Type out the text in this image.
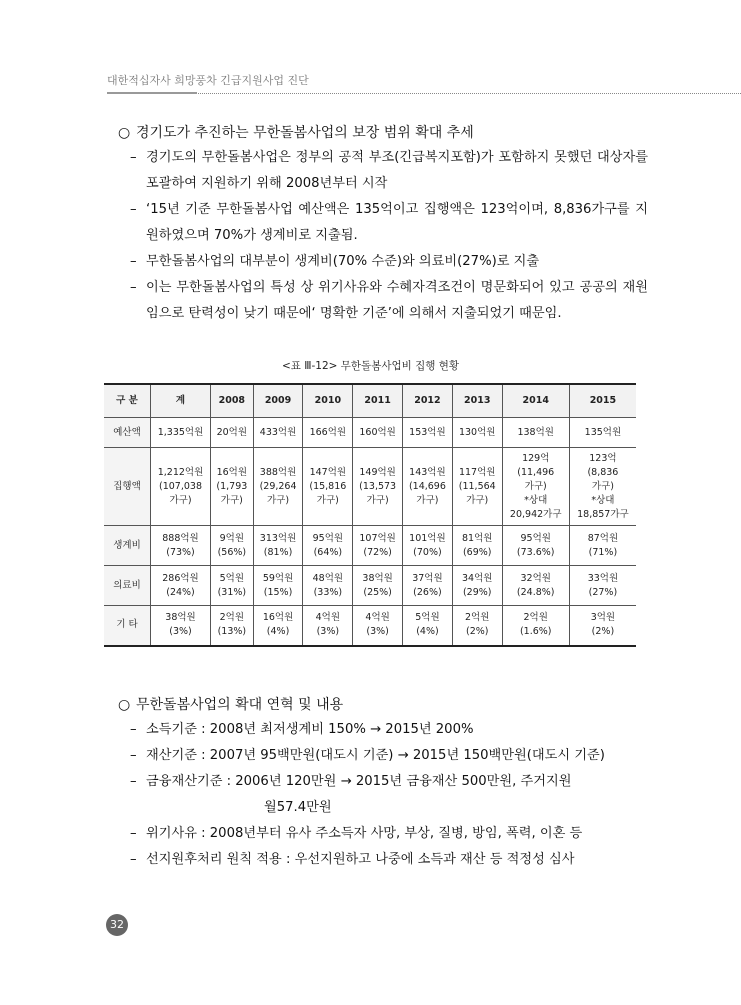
대한적십자사 희망풍차 긴급지원사업 진단
○ 경기도가 추진하는 무한돌봄사업의 보장 범위 확대 추세
– 경기도의 무한돌봄사업은 정부의 공적 부조(긴급복지포함)가 포함하지 못했던 대상자를 포괄하여 지원하기 위해 2008년부터 시작
– ‘15년 기준 무한돌봄사업 예산액은 135억이고 집행액은 123억이며, 8,836가구를 지원하였으며 70%가 생계비로 지출됨.
– 무한돌봄사업의 대부분이 생계비(70% 수준)와 의료비(27%)로 지출
– 이는 무한돌봄사업의 특성 상 위기사유와 수혜자격조건이 명문화되어 있고 공공의 재원임으로 탄력성이 낮기 때문에‘ 명확한 기준’에 의해서 지출되었기 때문임.
<표 Ⅲ-12> 무한돌봄사업비 집행 현황
구 분	계	2008	2009	2010	2011	2012	2013	2014	2015
예산액	1,335억원	20억원	433억원	166억원	160억원	153억원	130억원	138억원	135억원

집행액	1,212억원
(107,038
가구)	16억원
(1,793
가구)	388억원
(29,264
가구)	147억원
(15,816
가구)	149억원
(13,573
가구)	143억원
(14,696
가구)	117억원
(11,564
가구)	129억
(11,496
가구)
*상대
20,942가구	123억
(8,836
가구)
*상대
18,857가구

생계비	888억원
(73%)	9억원
(56%)	313억원
(81%)	95억원
(64%)	107억원
(72%)	101억원
(70%)	81억원
(69%)	95억원
(73.6%)	87억원
(71%)

의료비	286억원
(24%)	5억원
(31%)	59억원
(15%)	48억원
(33%)	38억원
(25%)	37억원
(26%)	34억원
(29%)	32억원
(24.8%)	33억원
(27%)

기 타	38억원
(3%)	2억원
(13%)	16억원
(4%)	4억원
(3%)	4억원
(3%)	5억원
(4%)	2억원
(2%)	2억원
(1.6%)	3억원
(2%)
○ 무한돌봄사업의 확대 연혁 및 내용
– 소득기준 : 2008년 최저생계비 150% → 2015년 200%
– 재산기준 : 2007년 95백만원(대도시 기준) → 2015년 150백만원(대도시 기준)
– 금융재산기준 : 2006년 120만원 → 2015년 금융재산 500만원, 주거지원
월57.4만원
– 위기사유 : 2008년부터 유사 주소득자 사망, 부상, 질병, 방임, 폭력, 이혼 등
– 선지원후처리 원칙 적용 : 우선지원하고 나중에 소득과 재산 등 적정성 심사
32
